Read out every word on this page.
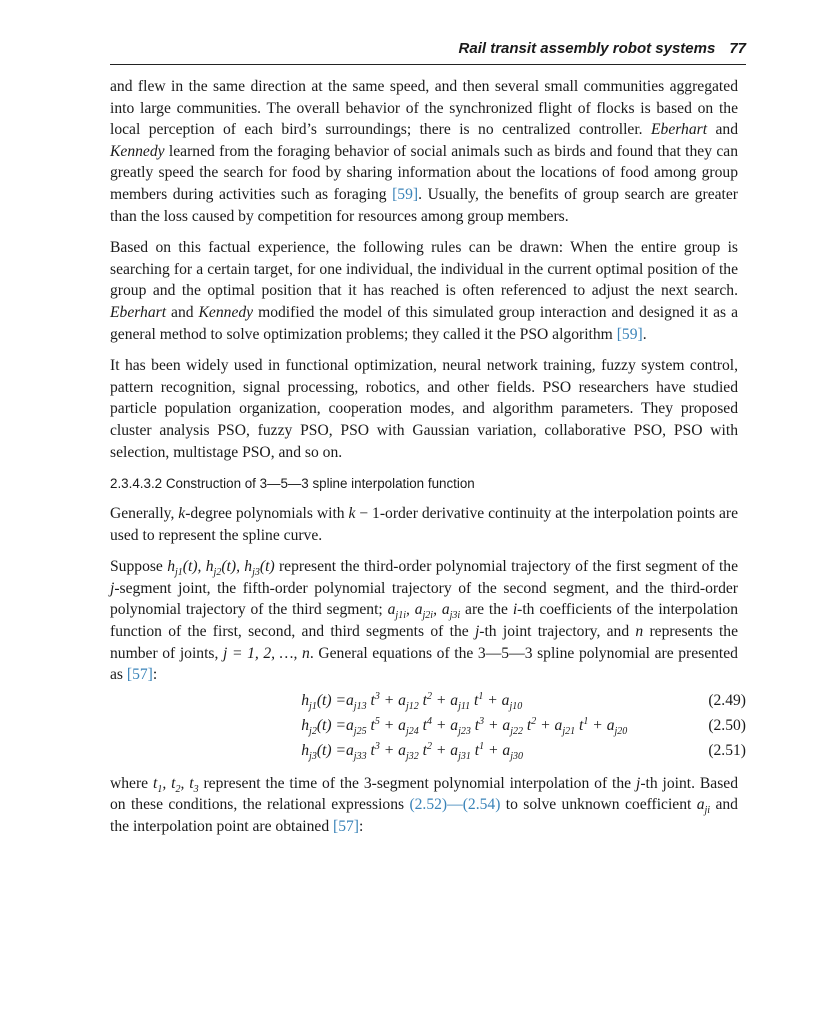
Rail transit assembly robot systems 77

and flew in the same direction at the same speed, and then several small communities aggregated into large communities. The overall behavior of the synchronized flight of flocks is based on the local perception of each bird’s surroundings; there is no centralized controller. Eberhart and Kennedy learned from the foraging behavior of social animals such as birds and found that they can greatly speed the search for food by sharing information about the locations of food among group members during activities such as foraging [59]. Usually, the benefits of group search are greater than the loss caused by competition for resources among group members.

Based on this factual experience, the following rules can be drawn: When the entire group is searching for a certain target, for one individual, the individual in the current optimal position of the group and the optimal position that it has reached is often referenced to adjust the next search. Eberhart and Kennedy modified the model of this simulated group interaction and designed it as a general method to solve optimization problems; they called it the PSO algorithm [59].

It has been widely used in functional optimization, neural network training, fuzzy system control, pattern recognition, signal processing, robotics, and other fields. PSO researchers have studied particle population organization, cooperation modes, and algorithm parameters. They proposed cluster analysis PSO, fuzzy PSO, PSO with Gaussian variation, collaborative PSO, PSO with selection, multistage PSO, and so on.

2.3.4.3.2 Construction of 3—5—3 spline interpolation function

Generally, k-degree polynomials with k − 1-order derivative continuity at the interpolation points are used to represent the spline curve.

Suppose $h_{j1}(t)$, $h_{j2}(t)$, $h_{j3}(t)$ represent the third-order polynomial trajectory of the first segment of the j-segment joint, the fifth-order polynomial trajectory of the second segment, and the third-order polynomial trajectory of the third segment; $a_{j1i}$, $a_{j2i}$, $a_{j3i}$ are the i-th coefficients of the interpolation function of the first, second, and third segments of the j-th joint trajectory, and n represents the number of joints, j = 1, 2, …, n. General equations of the 3—5—3 spline polynomial are presented as [57]:

$h_{j1}(t) = a_{j13}$ $t^3 + a_{j12}$ $t^2 + a_{j11}$ $t^1 + a_{j10}$	(2.49)
$h_{j2}(t) = a_{j25}$ $t^5 + a_{j24}$ $t^4 + a_{j23}$ $t^3 + a_{j22}$ $t^2 + a_{j21}$ $t^1 + a_{j20}$	(2.50)
$h_{j3}(t) = a_{j33}$ $t^3 + a_{j32}$ $t^2 + a_{j31}$ $t^1 + a_{j30}$	(2.51)

where $t_1$, $t_2$, $t_3$ represent the time of the 3-segment polynomial interpolation of the j-th joint. Based on these conditions, the relational expressions (2.52)—(2.54) to solve unknown coefficient $a_{ji}$ and the interpolation point are obtained [57]:
